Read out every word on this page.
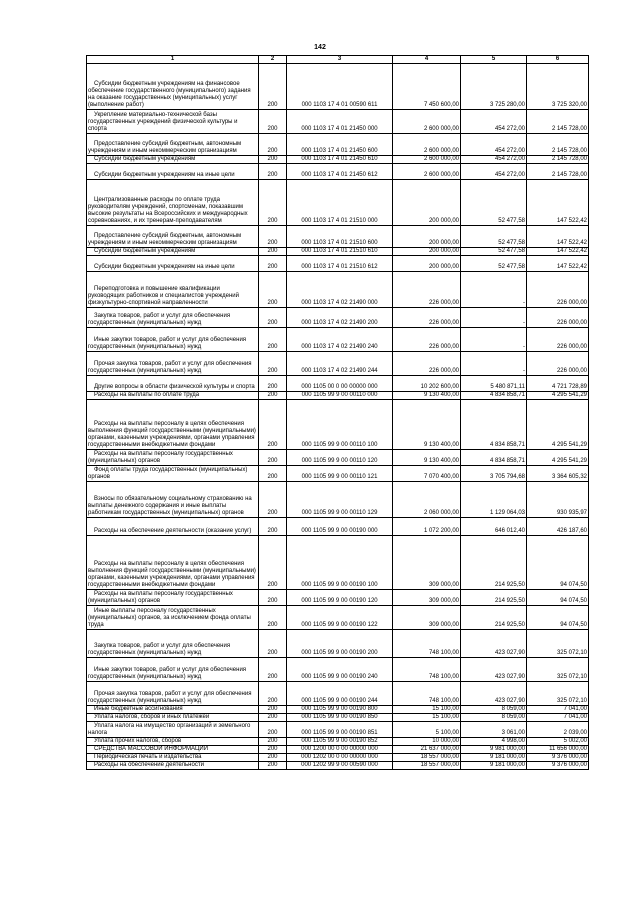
142
1	2	3	4	5	6

Субсидии бюджетным учреждениям на финансовое обеспечение государственного (муниципального) задания на оказание государственных (муниципальных) услуг (выполнение работ)	200	000 1103 17 4 01 00590 611	7 450 600,00	3 725 280,00	3 725 320,00

Укрепление материально-технической базы государственных учреждений физической культуры и спорта	200	000 1103 17 4 01 21450 000	2 600 000,00	454 272,00	2 145 728,00

Предоставление субсидий бюджетным, автономным учреждениям и иным некоммерческим организациям	200	000 1103 17 4 01 21450 600	2 600 000,00	454 272,00	2 145 728,00

Субсидии бюджетным учреждениям	200	000 1103 17 4 01 21450 610	2 600 000,00	454 272,00	2 145 728,00

Субсидии бюджетным учреждениям на иные цели	200	000 1103 17 4 01 21450 612	2 600 000,00	454 272,00	2 145 728,00

Централизованные расходы по оплате труда руководителям учреждений, спортсменам, показавшим высокие результаты на Всероссийских и международных соревнованиях, и их тренерам-преподавателям	200	000 1103 17 4 01 21510 000	200 000,00	52 477,58	147 522,42

Предоставление субсидий бюджетным, автономным учреждениям и иным некоммерческим организациям	200	000 1103 17 4 01 21510 600	200 000,00	52 477,58	147 522,42

Субсидии бюджетным учреждениям	200	000 1103 17 4 01 21510 610	200 000,00	52 477,58	147 522,42

Субсидии бюджетным учреждениям на иные цели	200	000 1103 17 4 01 21510 612	200 000,00	52 477,58	147 522,42

Переподготовка и повышение квалификации руководящих работников и специалистов учреждений физкультурно-спортивной направленности	200	000 1103 17 4 02 21490 000	226 000,00	-	226 000,00

Закупка товаров, работ и услуг для обеспечения государственных (муниципальных) нужд	200	000 1103 17 4 02 21490 200	226 000,00	-	226 000,00

Иные закупки товаров, работ и услуг для обеспечения государственных (муниципальных) нужд	200	000 1103 17 4 02 21490 240	226 000,00	-	226 000,00

Прочая закупка товаров, работ и услуг для обеспечения государственных (муниципальных) нужд	200	000 1103 17 4 02 21490 244	226 000,00	-	226 000,00

Другие вопросы в области физической культуры и спорта	200	000 1105 00 0 00 00000 000	10 202 600,00	5 480 871,11	4 721 728,89

Расходы на выплаты по оплате труда	200	000 1105 99 9 00 00110 000	9 130 400,00	4 834 858,71	4 295 541,29

Расходы на выплаты персоналу в целях обеспечения выполнения функций государственными (муниципальными) органами, казенными учреждениями, органами управления государственными внебюджетными фондами	200	000 1105 99 9 00 00110 100	9 130 400,00	4 834 858,71	4 295 541,29

Расходы на выплаты персоналу государственных (муниципальных) органов	200	000 1105 99 9 00 00110 120	9 130 400,00	4 834 858,71	4 295 541,29

Фонд оплаты труда государственных (муниципальных) органов	200	000 1105 99 9 00 00110 121	7 070 400,00	3 705 794,68	3 364 605,32

Взносы по обязательному социальному страхованию на выплаты денежного содержания и иные выплаты работникам государственных (муниципальных) органов	200	000 1105 99 9 00 00110 129	2 060 000,00	1 129 064,03	930 935,97

Расходы на обеспечение деятельности (оказание услуг)	200	000 1105 99 9 00 00190 000	1 072 200,00	646 012,40	426 187,60

Расходы на выплаты персоналу в целях обеспечения выполнения функций государственными (муниципальными) органами, казенными учреждениями, органами управления государственными внебюджетными фондами	200	000 1105 99 9 00 00190 100	309 000,00	214 925,50	94 074,50

Расходы на выплаты персоналу государственных (муниципальных) органов	200	000 1105 99 9 00 00190 120	309 000,00	214 925,50	94 074,50

Иные выплаты персоналу государственных (муниципальных) органов, за исключением фонда оплаты труда	200	000 1105 99 9 00 00190 122	309 000,00	214 925,50	94 074,50

Закупка товаров, работ и услуг для обеспечения государственных (муниципальных) нужд	200	000 1105 99 9 00 00190 200	748 100,00	423 027,90	325 072,10

Иные закупки товаров, работ и услуг для обеспечения государственных (муниципальных) нужд	200	000 1105 99 9 00 00190 240	748 100,00	423 027,90	325 072,10

Прочая закупка товаров, работ и услуг для обеспечения государственных (муниципальных) нужд	200	000 1105 99 9 00 00190 244	748 100,00	423 027,90	325 072,10

Иные бюджетные ассигнования	200	000 1105 99 9 00 00190 800	15 100,00	8 059,00	7 041,00

Уплата налогов, сборов и иных платежей	200	000 1105 99 9 00 00190 850	15 100,00	8 059,00	7 041,00

Уплата налога на имущество организаций и земельного налога	200	000 1105 99 9 00 00190 851	5 100,00	3 061,00	2 039,00

Уплата прочих налогов, сборов	200	000 1105 99 9 00 00190 852	10 000,00	4 998,00	5 002,00

СРЕДСТВА МАССОВОЙ ИНФОРМАЦИИ	200	000 1200 00 0 00 00000 000	21 637 000,00	9 981 000,00	11 656 000,00

Периодическая печать и издательства	200	000 1202 00 0 00 00000 000	18 557 000,00	9 181 000,00	9 376 000,00

Расходы на обеспечение деятельности	200	000 1202 99 9 00 00590 000	18 557 000,00	9 181 000,00	9 376 000,00
